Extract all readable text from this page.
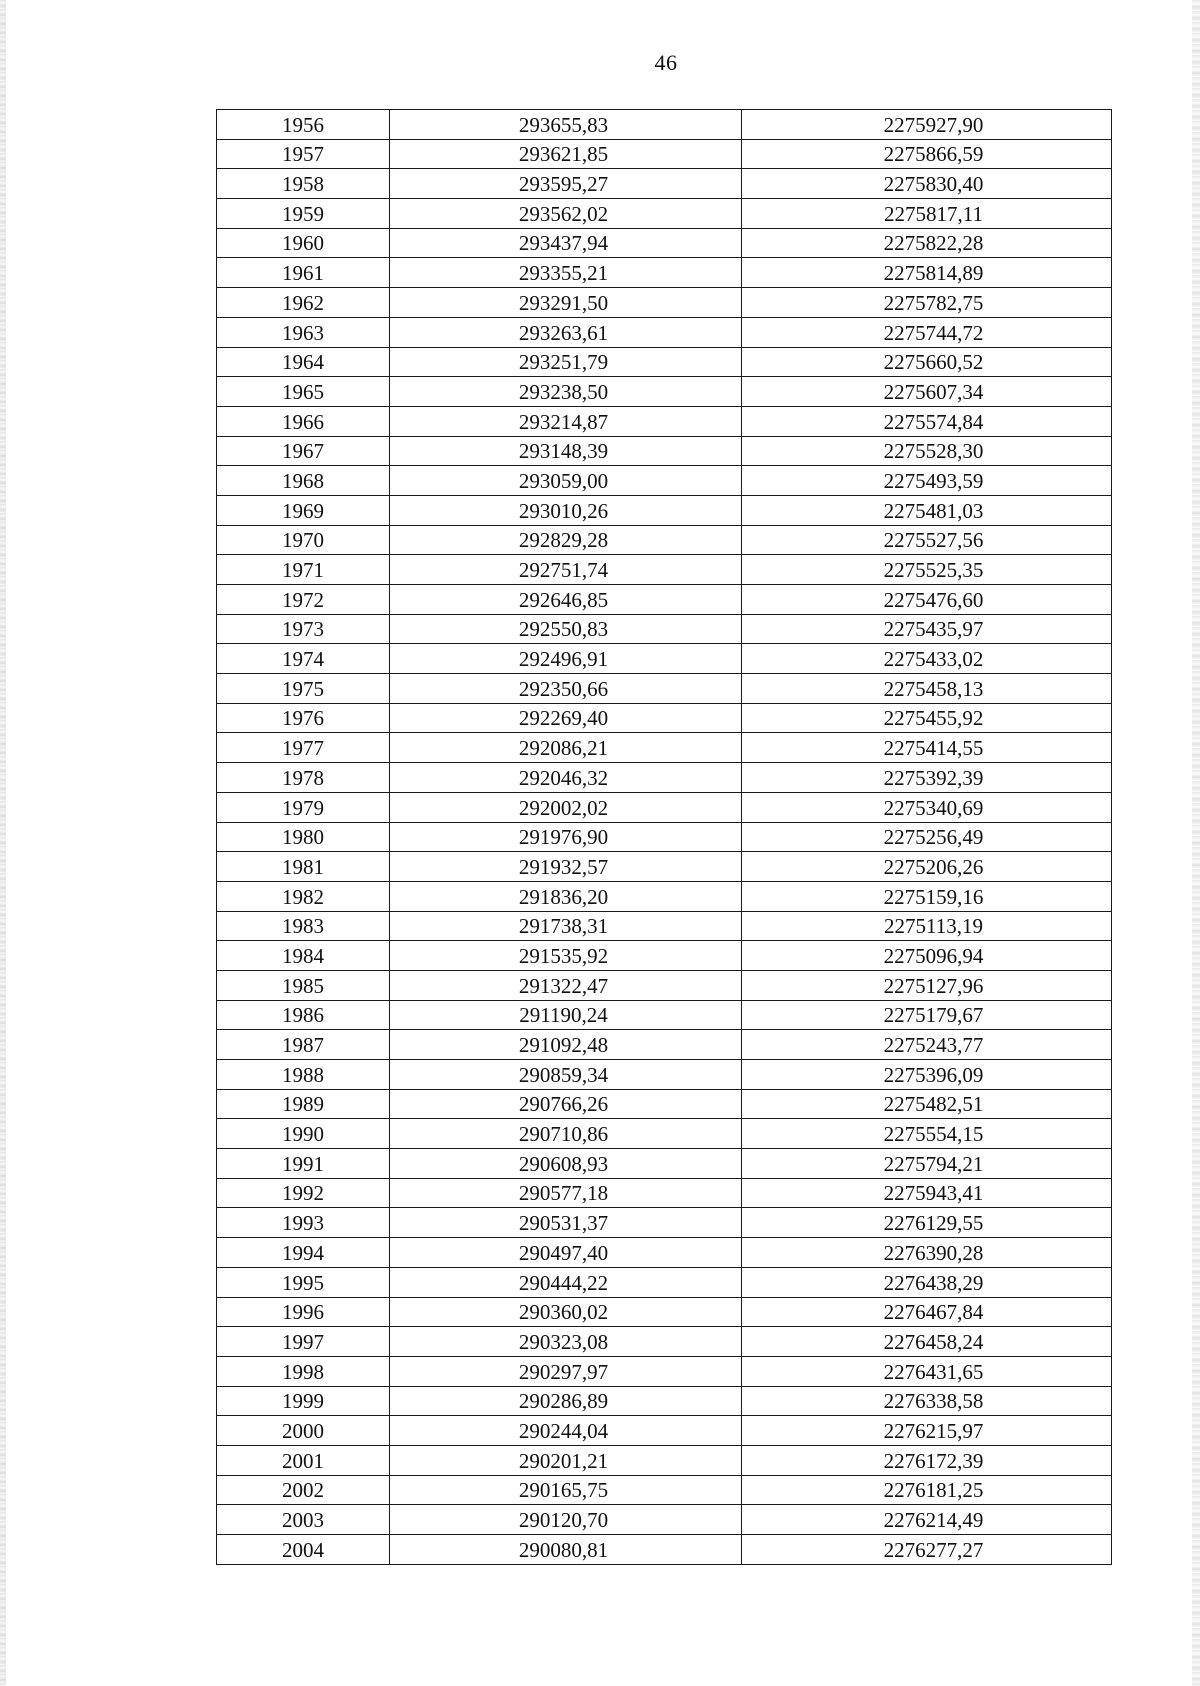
46
1956	293655,83	2275927,90
1957	293621,85	2275866,59
1958	293595,27	2275830,40
1959	293562,02	2275817,11
1960	293437,94	2275822,28
1961	293355,21	2275814,89
1962	293291,50	2275782,75
1963	293263,61	2275744,72
1964	293251,79	2275660,52
1965	293238,50	2275607,34
1966	293214,87	2275574,84
1967	293148,39	2275528,30
1968	293059,00	2275493,59
1969	293010,26	2275481,03
1970	292829,28	2275527,56
1971	292751,74	2275525,35
1972	292646,85	2275476,60
1973	292550,83	2275435,97
1974	292496,91	2275433,02
1975	292350,66	2275458,13
1976	292269,40	2275455,92
1977	292086,21	2275414,55
1978	292046,32	2275392,39
1979	292002,02	2275340,69
1980	291976,90	2275256,49
1981	291932,57	2275206,26
1982	291836,20	2275159,16
1983	291738,31	2275113,19
1984	291535,92	2275096,94
1985	291322,47	2275127,96
1986	291190,24	2275179,67
1987	291092,48	2275243,77
1988	290859,34	2275396,09
1989	290766,26	2275482,51
1990	290710,86	2275554,15
1991	290608,93	2275794,21
1992	290577,18	2275943,41
1993	290531,37	2276129,55
1994	290497,40	2276390,28
1995	290444,22	2276438,29
1996	290360,02	2276467,84
1997	290323,08	2276458,24
1998	290297,97	2276431,65
1999	290286,89	2276338,58
2000	290244,04	2276215,97
2001	290201,21	2276172,39
2002	290165,75	2276181,25
2003	290120,70	2276214,49
2004	290080,81	2276277,27
